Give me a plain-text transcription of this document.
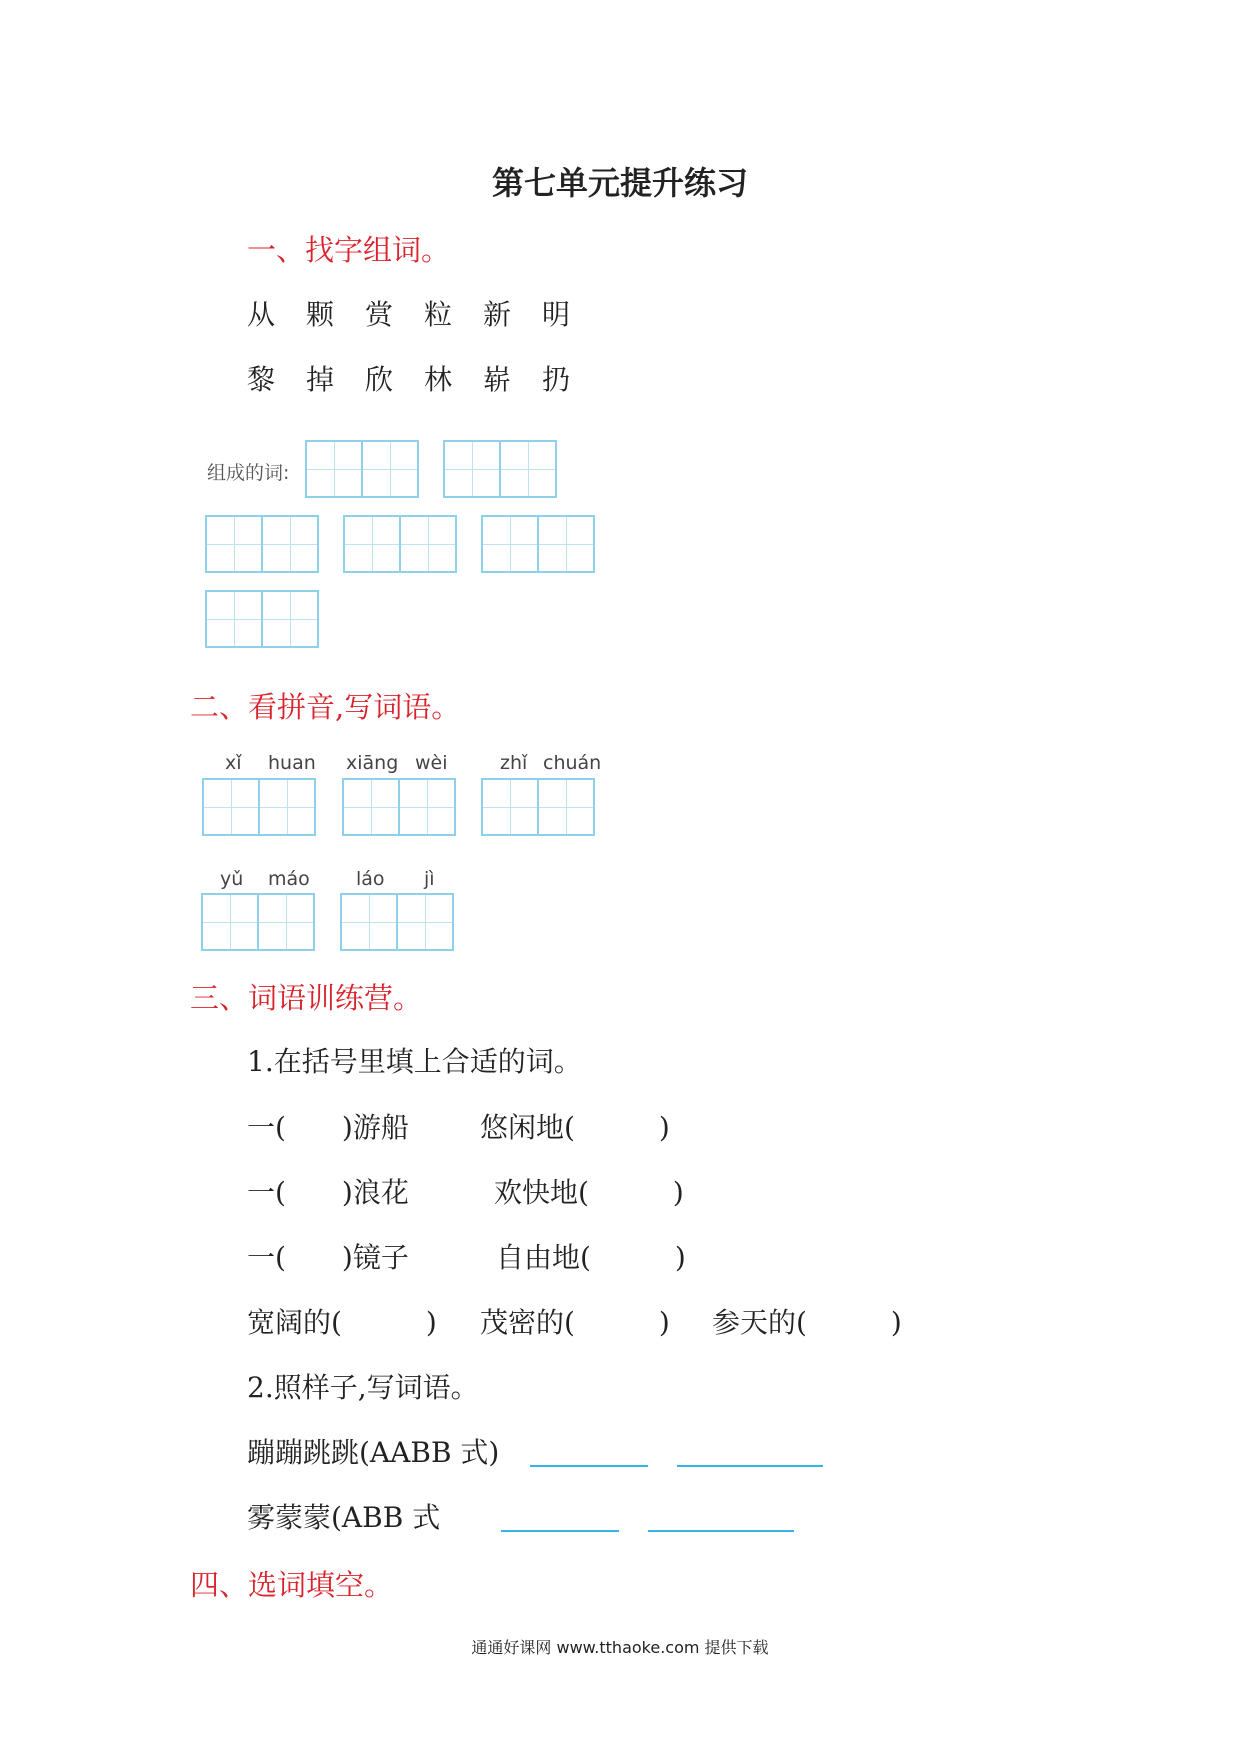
第七单元提升练习
一、找字组词。
从 颗 赏 粒 新 明
黎 掉 欣 林 崭 扔
组成的词:
二、看拼音,写词语。
xǐ huan xiāng wèi	zhǐ chuán
yǔ máo láo jì
三、词语训练营。
1.在括号里填上合适的词。
一(　　)游船	悠闲地(　　　)
一(　　)浪花	欢快地(　　　)
一(　　)镜子	自由地(　　　)
宽阔的(　　　) 茂密的(　　　) 参天的(　　　)
2.照样子,写词语。
蹦蹦跳跳(AABB 式)
雾蒙蒙(ABB 式
四、选词填空。
通通好课网 www.tthaoke.com 提供下载
